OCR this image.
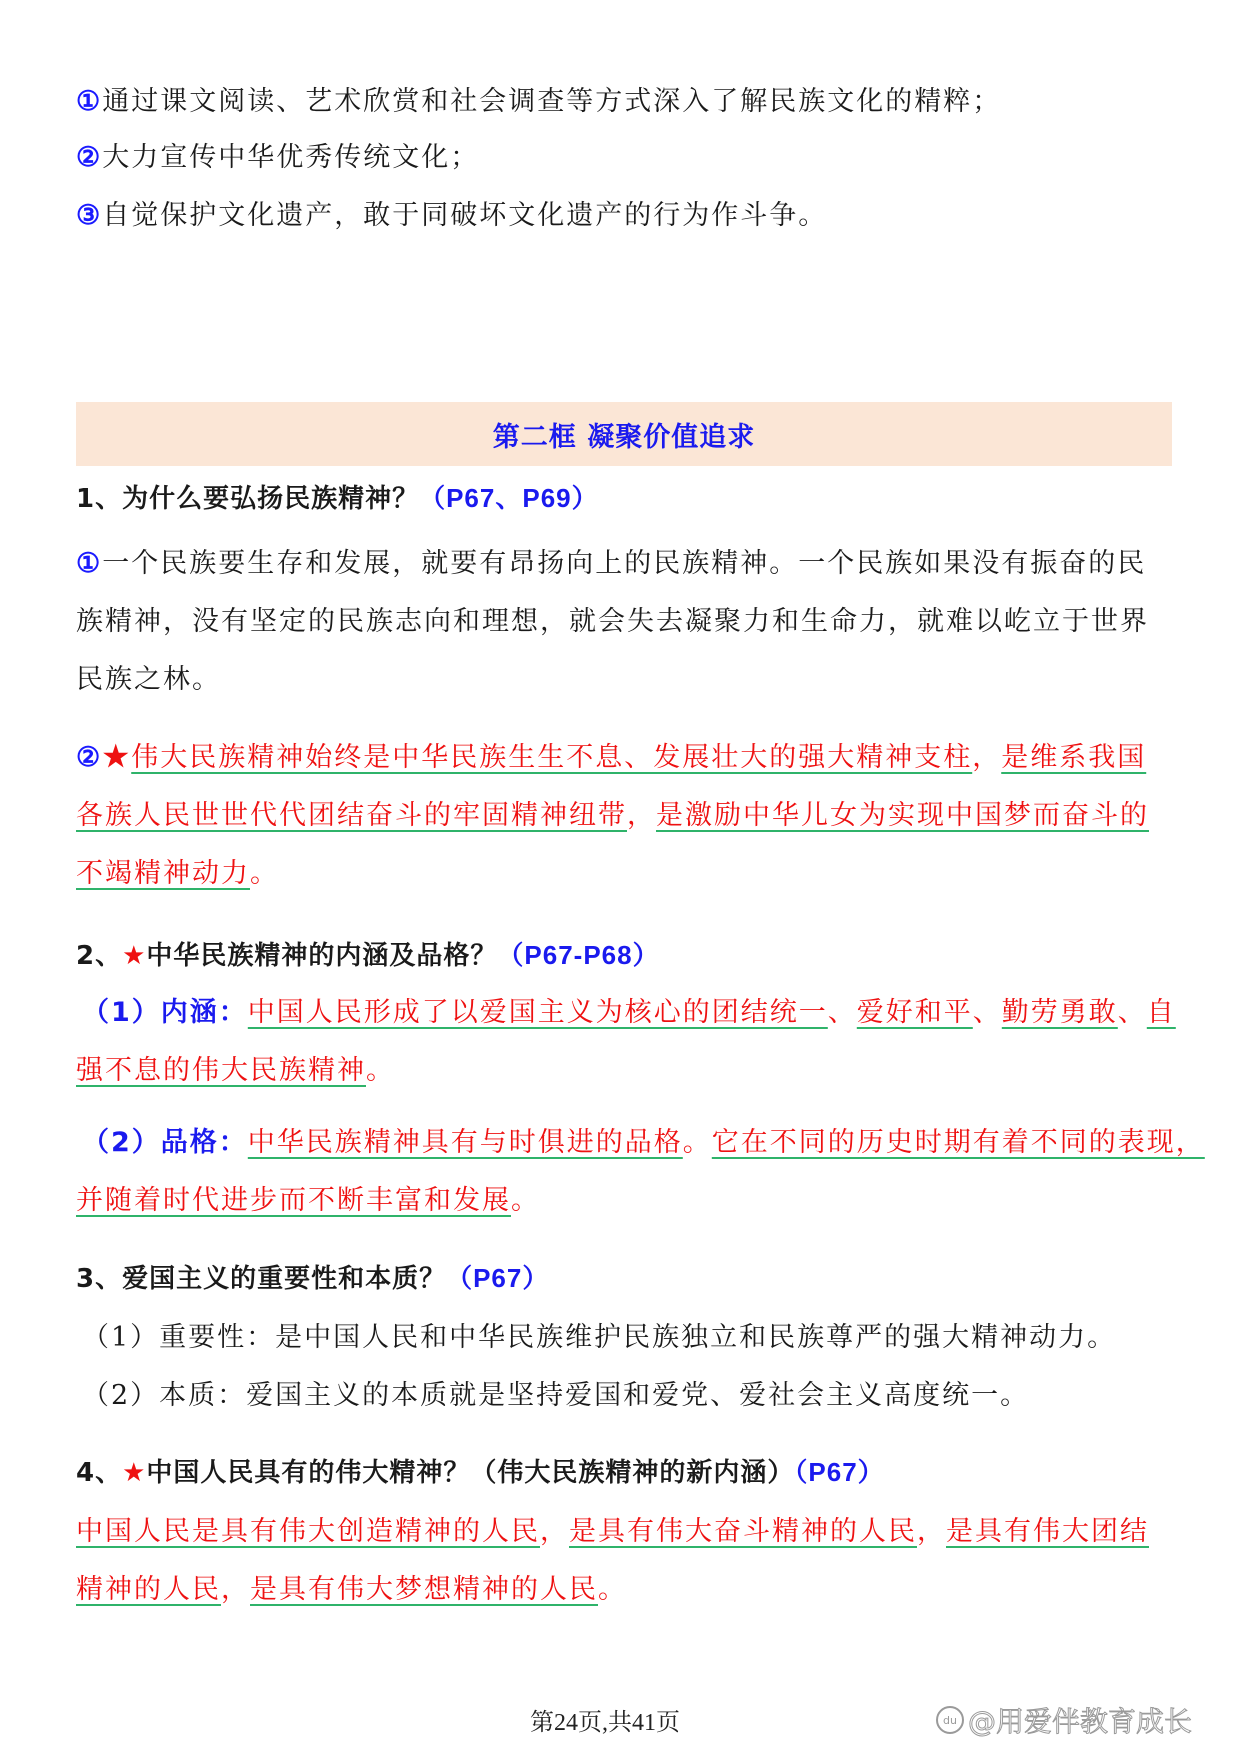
①通过课文阅读、艺术欣赏和社会调查等方式深入了解民族文化的精粹；
②大力宣传中华优秀传统文化；
③自觉保护文化遗产，敢于同破坏文化遗产的行为作斗争。
第二框 凝聚价值追求
1、为什么要弘扬民族精神？（P67、P69）
①一个民族要生存和发展，就要有昂扬向上的民族精神。一个民族如果没有振奋的民
族精神，没有坚定的民族志向和理想，就会失去凝聚力和生命力，就难以屹立于世界
民族之林。
②★伟大民族精神始终是中华民族生生不息、发展壮大的强大精神支柱，是维系我国
各族人民世世代代团结奋斗的牢固精神纽带，是激励中华儿女为实现中国梦而奋斗的
不竭精神动力。
2、★中华民族精神的内涵及品格？（P67-P68）
（1）内涵：中国人民形成了以爱国主义为核心的团结统一、爱好和平、勤劳勇敢、自
强不息的伟大民族精神。
（2）品格：中华民族精神具有与时俱进的品格。它在不同的历史时期有着不同的表现，
并随着时代进步而不断丰富和发展。
3、爱国主义的重要性和本质？（P67）
（1）重要性：是中国人民和中华民族维护民族独立和民族尊严的强大精神动力。
（2）本质：爱国主义的本质就是坚持爱国和爱党、爱社会主义高度统一。
4、★中国人民具有的伟大精神？（伟大民族精神的新内涵）（P67）
中国人民是具有伟大创造精神的人民，是具有伟大奋斗精神的人民，是具有伟大团结
精神的人民，是具有伟大梦想精神的人民。
第24页,共41页	du @用爱伴教育成长
